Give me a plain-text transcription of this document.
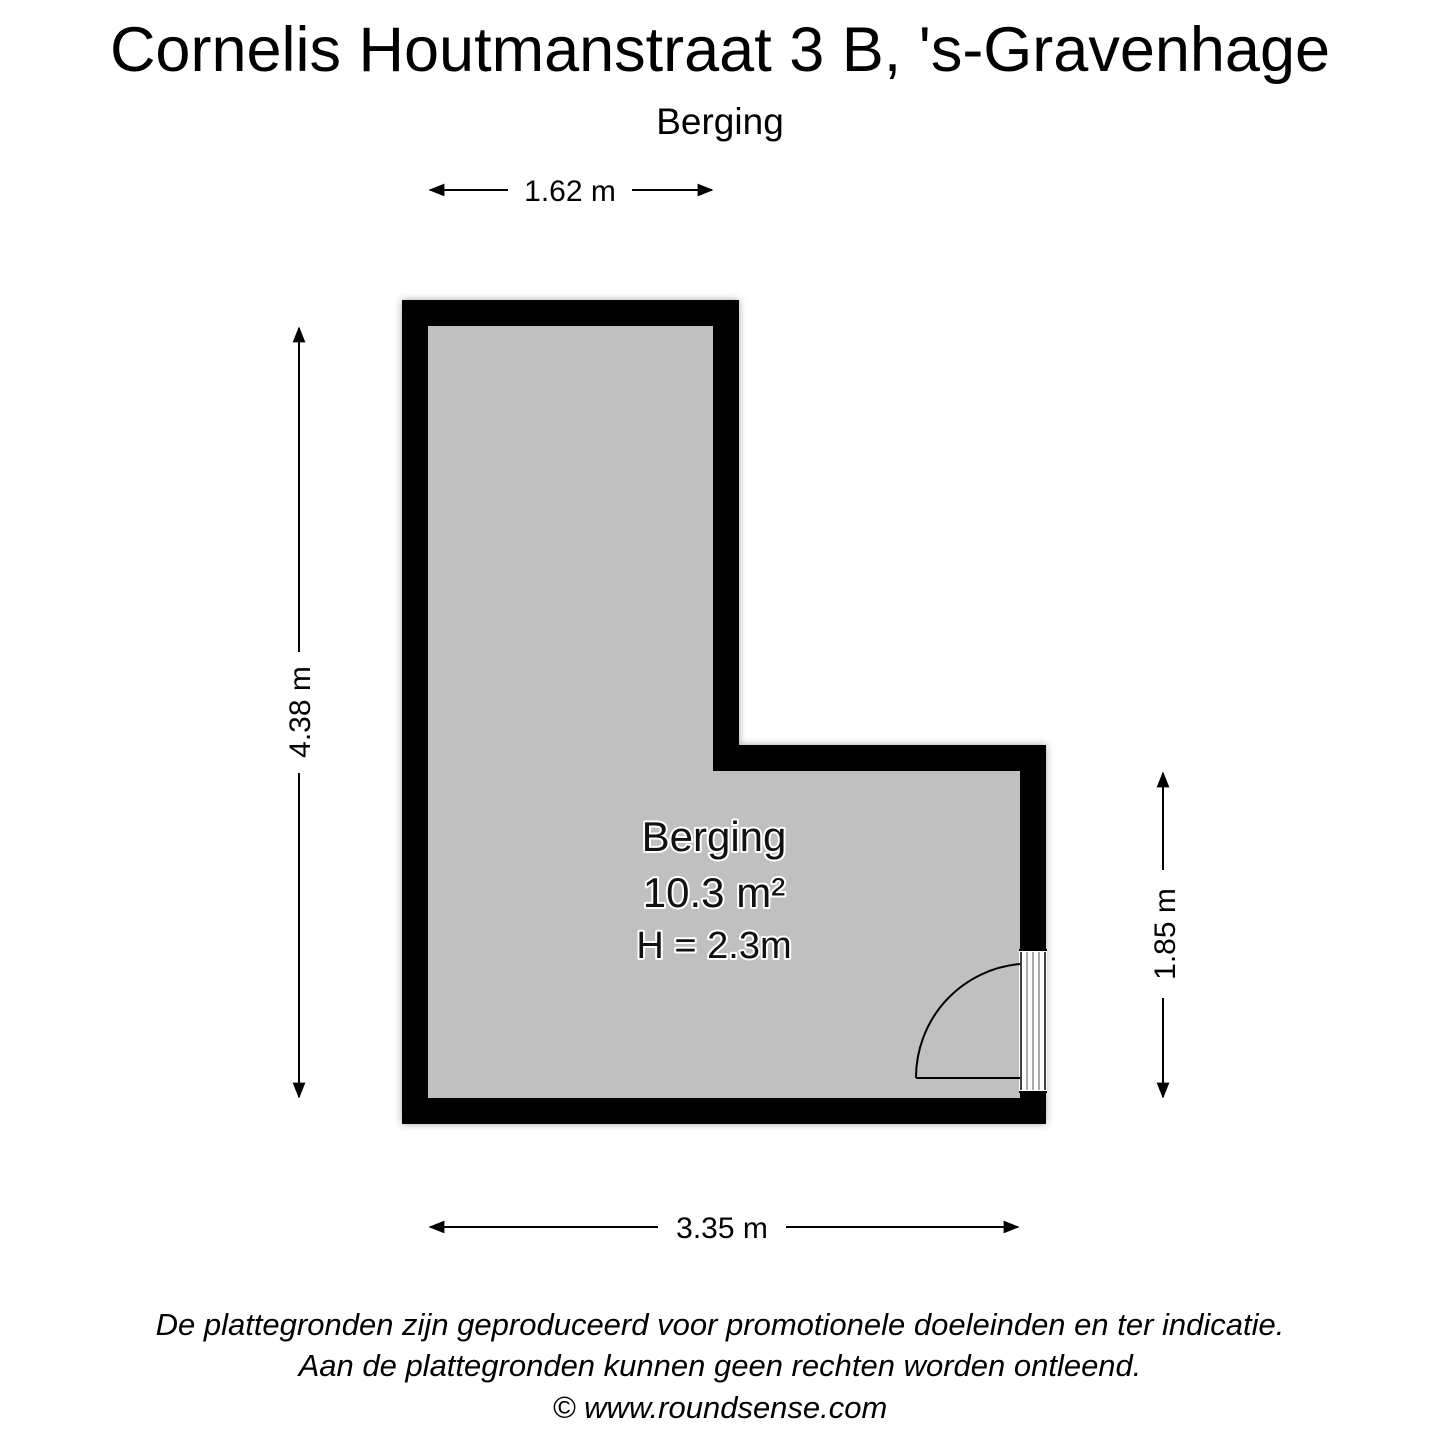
Cornelis Houtmanstraat 3 B, 's-Gravenhage
Berging
1.62 m
4.38 m
1.85 m
3.35 m
Berging
10.3 m²
H = 2.3m
De plattegronden zijn geproduceerd voor promotionele doeleinden en ter indicatie.
Aan de plattegronden kunnen geen rechten worden ontleend.
© www.roundsense.com
